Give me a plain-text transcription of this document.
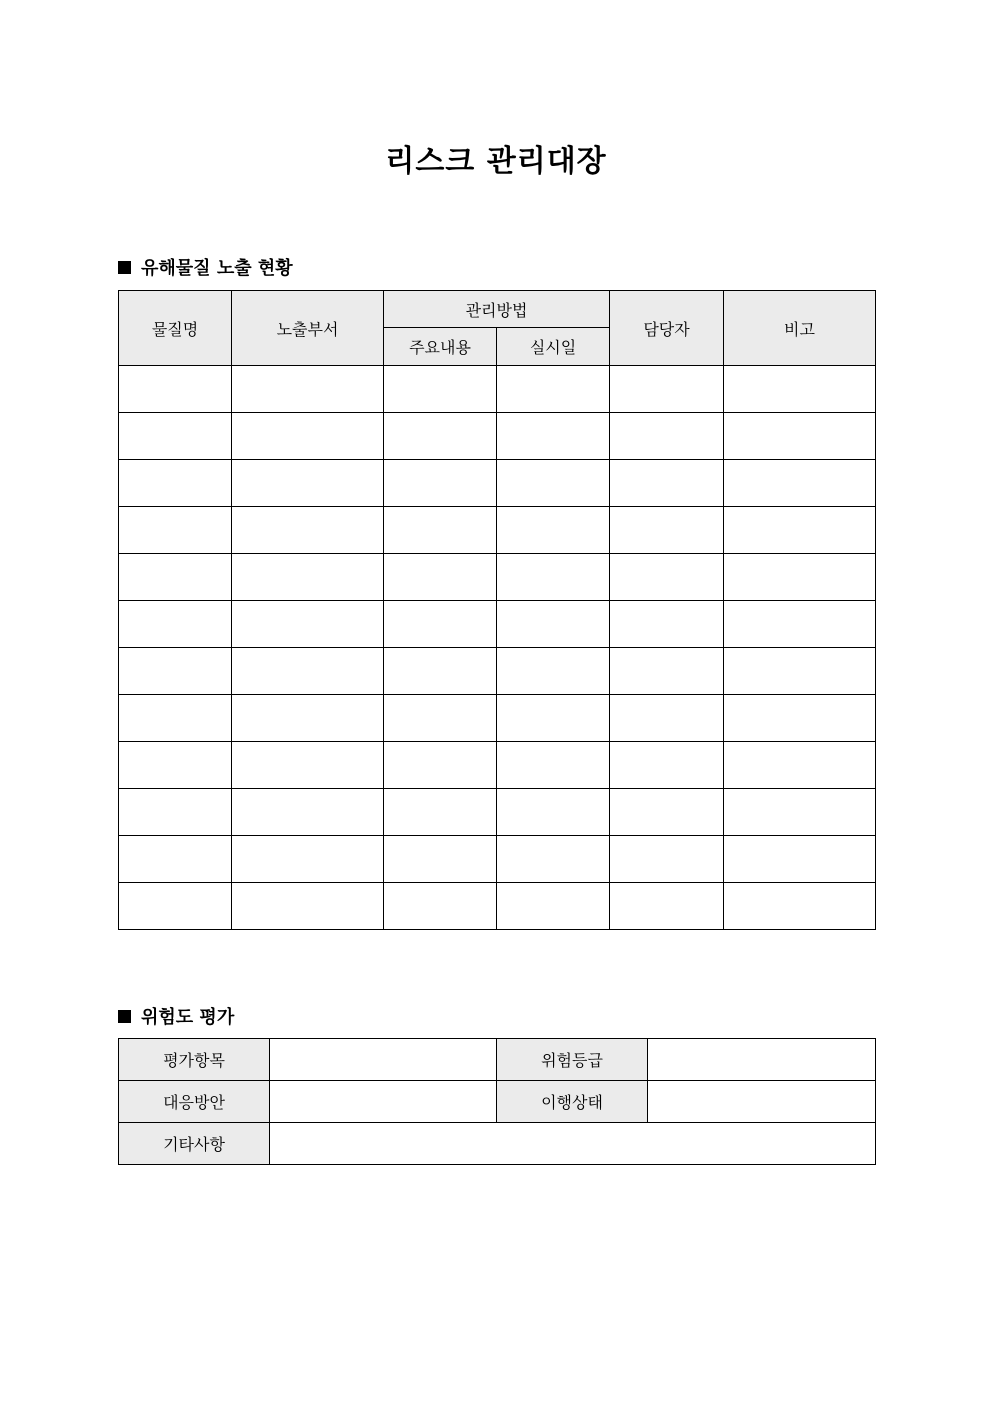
리스크 관리대장
유해물질 노출 현황
물질명	노출부서	관리방법		담당자	비고
		주요내용	실시일		

위험도 평가
평가항목		위험등급	
대응방안		이행상태	
기타사항			
